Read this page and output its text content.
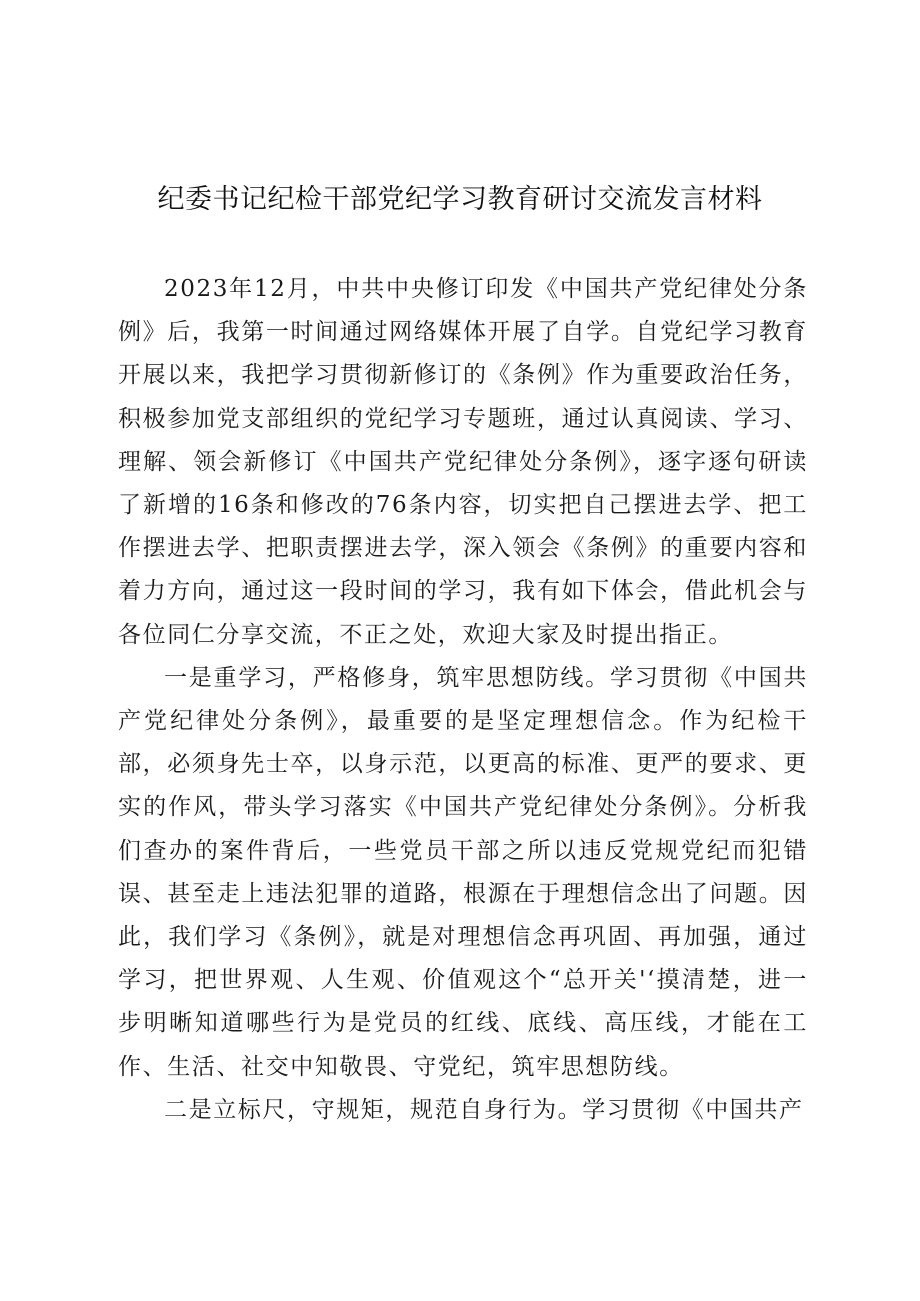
纪委书记纪检干部党纪学习教育研讨交流发言材料

2023年12月，中共中央修订印发《中国共产党纪律处分条例》后，我第一时间通过网络媒体开展了自学。自党纪学习教育开展以来，我把学习贯彻新修订的《条例》作为重要政治任务，积极参加党支部组织的党纪学习专题班，通过认真阅读、学习、理解、领会新修订《中国共产党纪律处分条例》，逐字逐句研读了新增的16条和修改的76条内容，切实把自己摆进去学、把工作摆进去学、把职责摆进去学，深入领会《条例》的重要内容和着力方向，通过这一段时间的学习，我有如下体会，借此机会与各位同仁分享交流，不正之处，欢迎大家及时提出指正。

一是重学习，严格修身，筑牢思想防线。学习贯彻《中国共产党纪律处分条例》，最重要的是坚定理想信念。作为纪检干部，必须身先士卒，以身示范，以更高的标准、更严的要求、更实的作风，带头学习落实《中国共产党纪律处分条例》。分析我们查办的案件背后，一些党员干部之所以违反党规党纪而犯错误、甚至走上违法犯罪的道路，根源在于理想信念出了问题。因此，我们学习《条例》，就是对理想信念再巩固、再加强，通过学习，把世界观、人生观、价值观这个“总开关'‘摸清楚，进一步明晰知道哪些行为是党员的红线、底线、高压线，才能在工作、生活、社交中知敬畏、守党纪，筑牢思想防线。

二是立标尺，守规矩，规范自身行为。学习贯彻《中国共产
